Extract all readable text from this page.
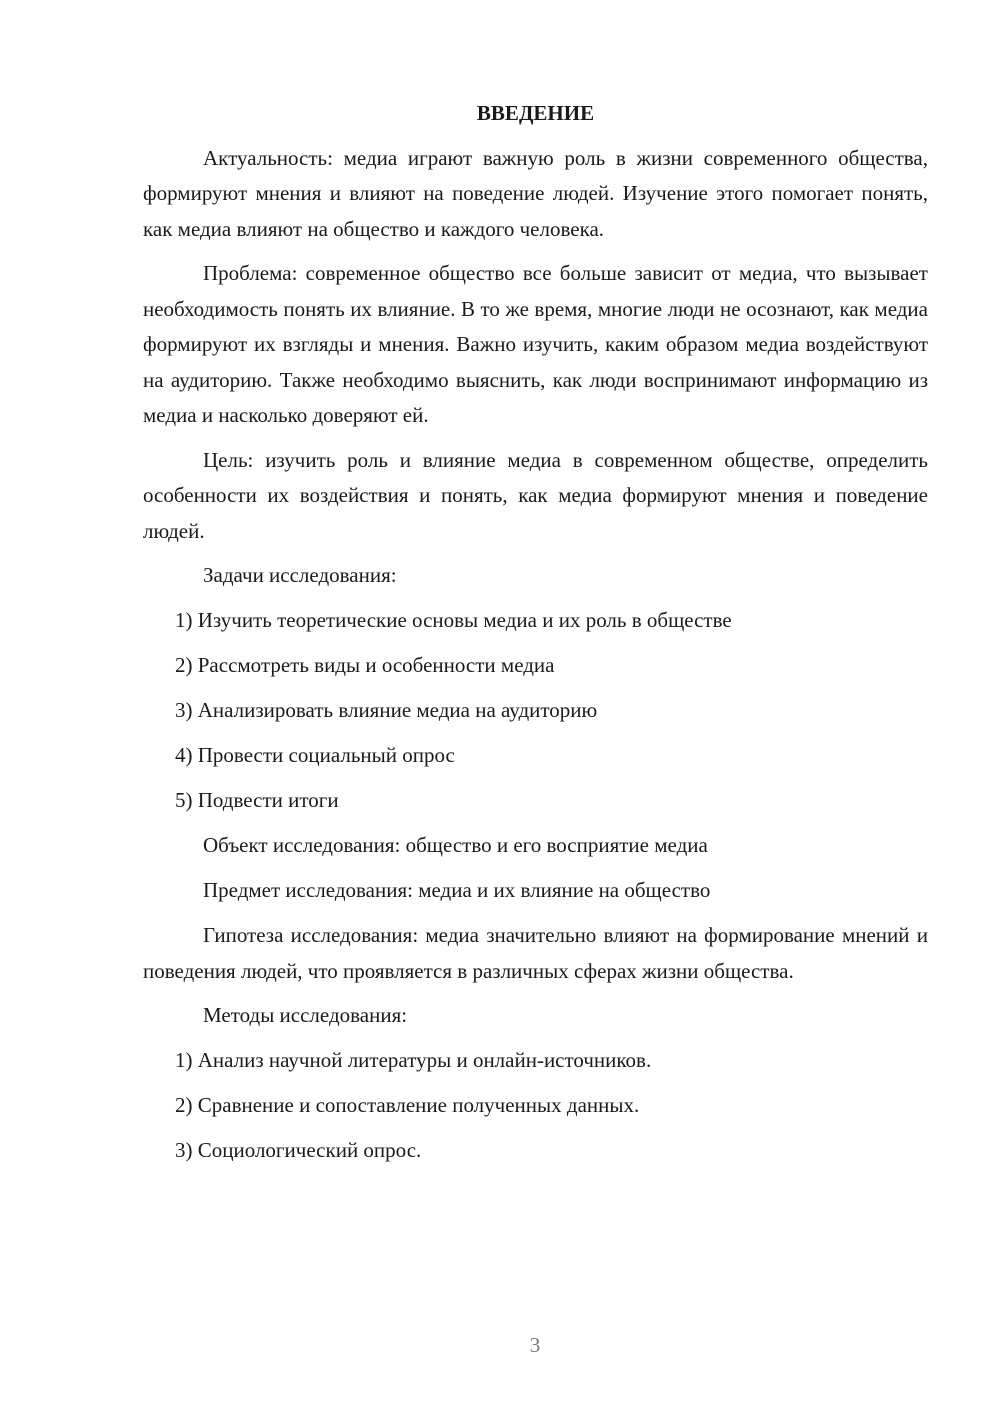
ВВЕДЕНИЕ

Актуальность: медиа играют важную роль в жизни современного общества, формируют мнения и влияют на поведение людей. Изучение этого помогает понять, как медиа влияют на общество и каждого человека.

Проблема: современное общество все больше зависит от медиа, что вызывает необходимость понять их влияние. В то же время, многие люди не осознают, как медиа формируют их взгляды и мнения. Важно изучить, каким образом медиа воздействуют на аудиторию. Также необходимо выяснить, как люди воспринимают информацию из медиа и насколько доверяют ей.

Цель: изучить роль и влияние медиа в современном обществе, определить особенности их воздействия и понять, как медиа формируют мнения и поведение людей.

Задачи исследования:
1) Изучить теоретические основы медиа и их роль в обществе
2) Рассмотреть виды и особенности медиа
3) Анализировать влияние медиа на аудиторию
4) Провести социальный опрос
5) Подвести итоги
Объект исследования: общество и его восприятие медиа
Предмет исследования: медиа и их влияние на общество

Гипотеза исследования: медиа значительно влияют на формирование мнений и поведения людей, что проявляется в различных сферах жизни общества.

Методы исследования:
1) Анализ научной литературы и онлайн-источников.
2) Сравнение и сопоставление полученных данных.
3) Социологический опрос.
3
